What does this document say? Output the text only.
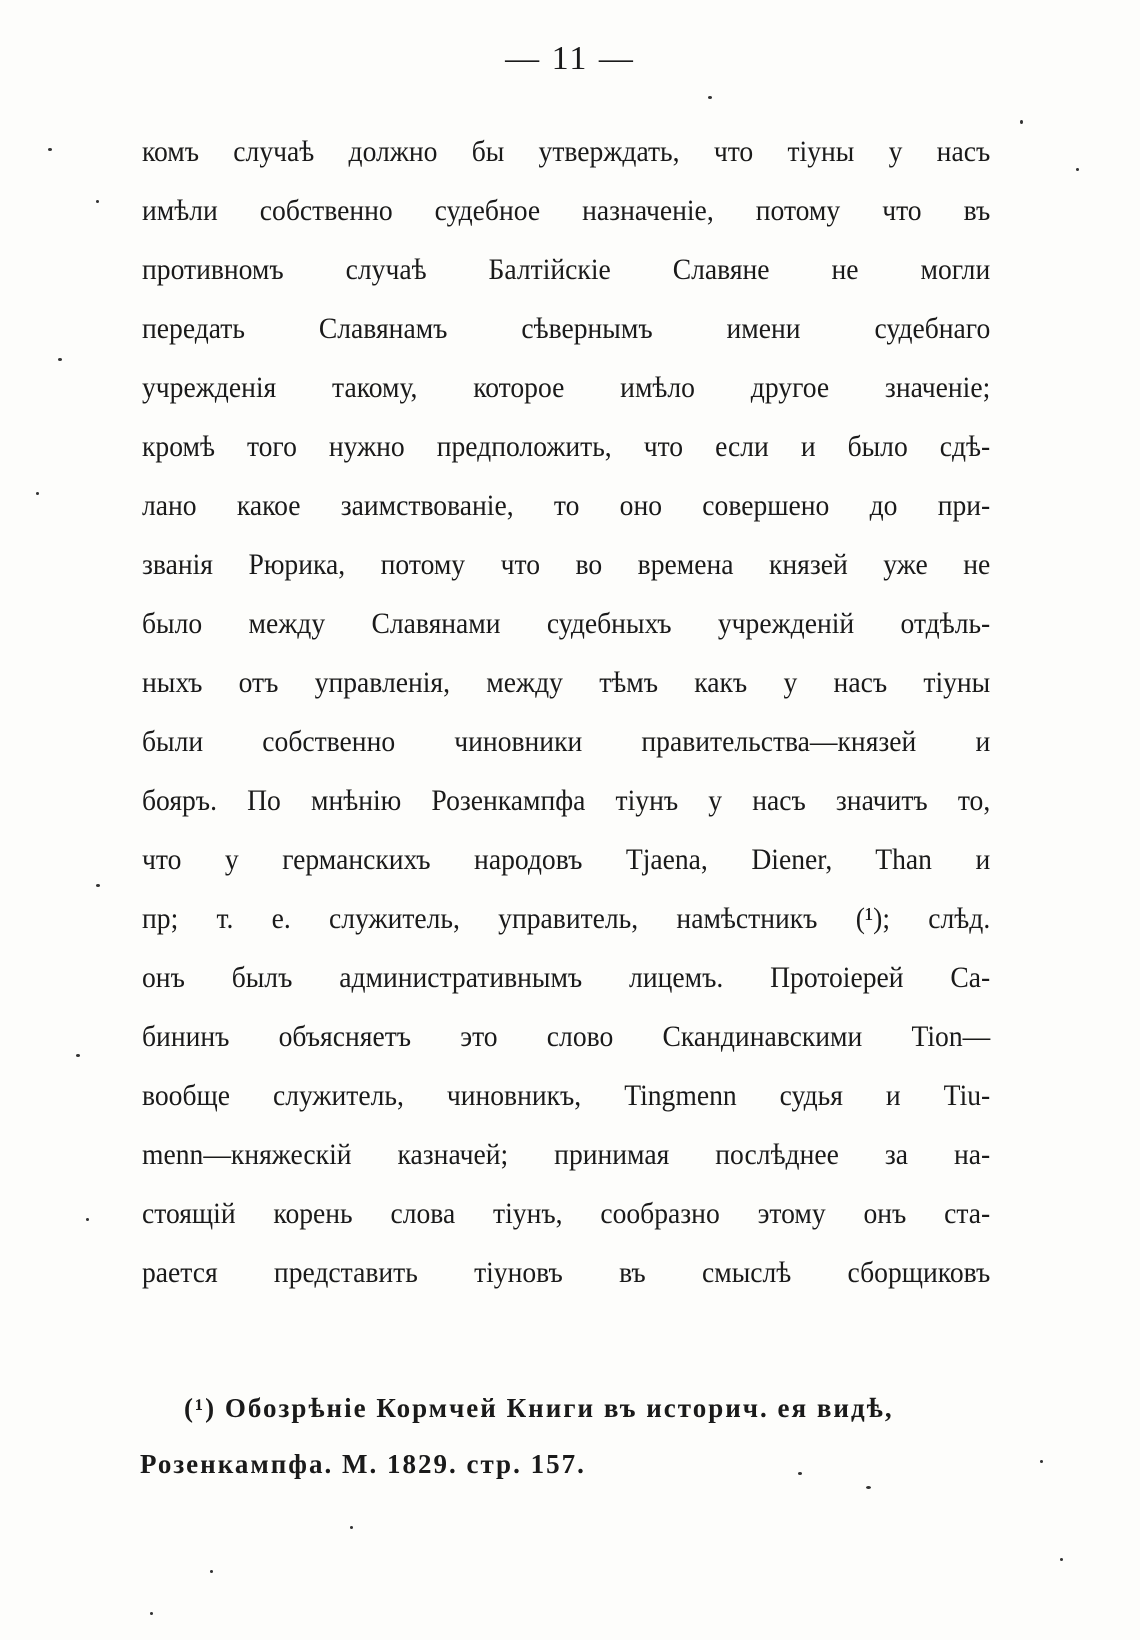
— 11 —
комъ случаѣ должно бы утверждать, что тіуны у насъ
имѣли собственно судебное назначеніе, потому что въ
противномъ случаѣ Балтійскіе Славяне не могли
передать Славянамъ сѣвернымъ имени судебнаго
учрежденія такому, которое имѣло другое значеніе;
кромѣ того нужно предположить, что если и было сдѣ-
лано какое заимствованіе, то оно совершено до при-
званія Рюрика, потому что во времена князей уже не
было между Славянами судебныхъ учрежденій отдѣль-
ныхъ отъ управленія, между тѣмъ какъ у насъ тіуны
были собственно чиновники правительства—князей и
бояръ. По мнѣнію Розенкампфа тіунъ у насъ значитъ то,
что у германскихъ народовъ Tjaena, Diener, Than и
пр; т. е. служитель, управитель, намѣстникъ (¹); слѣд.
онъ былъ административнымъ лицемъ. Протоіерей Са-
бининъ объясняетъ это слово Скандинавскими Tion—
вообще служитель, чиновникъ, Tingmenn судья и Tiu-
menn—княжескій казначей; принимая послѣднее за на-
стоящій корень слова тіунъ, сообразно этому онъ ста-
рается представить тіуновъ въ смыслѣ сборщиковъ
(¹) Обозрѣніе Кормчей Книги въ историч. ея видѣ,
Розенкампфа. М. 1829. стр. 157.
